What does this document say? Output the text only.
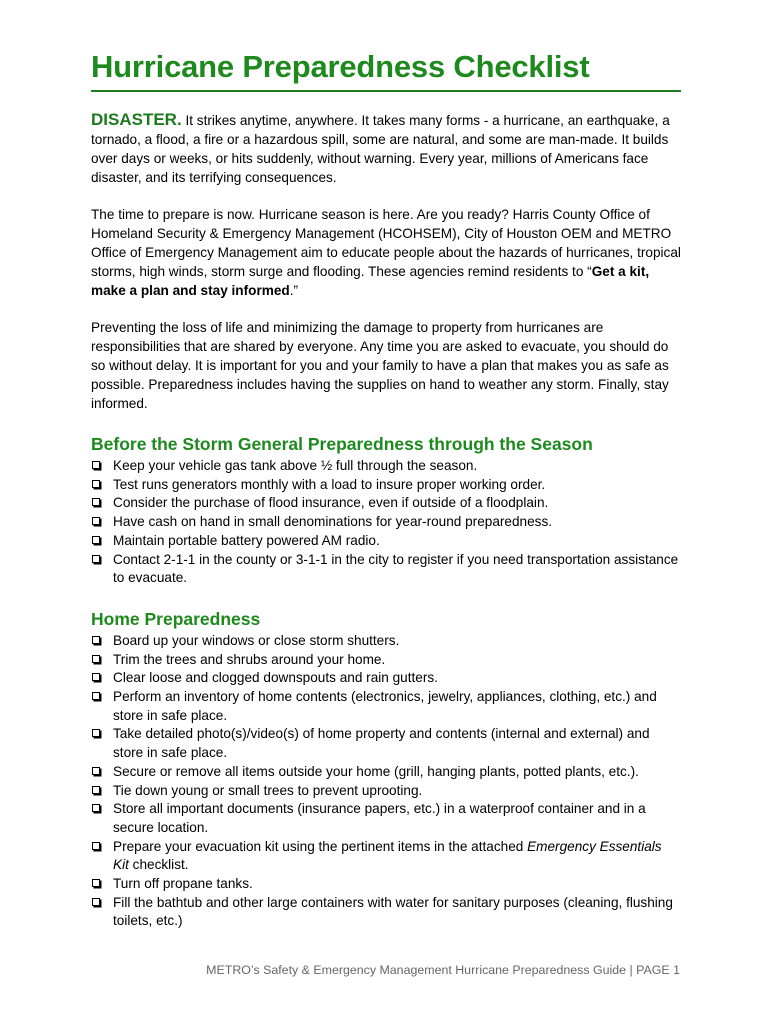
Hurricane Preparedness Checklist

DISASTER. It strikes anytime, anywhere. It takes many forms - a hurricane, an earthquake, a tornado, a flood, a fire or a hazardous spill, some are natural, and some are man-made. It builds over days or weeks, or hits suddenly, without warning. Every year, millions of Americans face disaster, and its terrifying consequences.

The time to prepare is now. Hurricane season is here. Are you ready? Harris County Office of Homeland Security & Emergency Management (HCOHSEM), City of Houston OEM and METRO Office of Emergency Management aim to educate people about the hazards of hurricanes, tropical storms, high winds, storm surge and flooding. These agencies remind residents to “Get a kit, make a plan and stay informed.”

Preventing the loss of life and minimizing the damage to property from hurricanes are responsibilities that are shared by everyone. Any time you are asked to evacuate, you should do so without delay. It is important for you and your family to have a plan that makes you as safe as possible. Preparedness includes having the supplies on hand to weather any storm. Finally, stay informed.

Before the Storm General Preparedness through the Season
Keep your vehicle gas tank above ½ full through the season.
Test runs generators monthly with a load to insure proper working order.
Consider the purchase of flood insurance, even if outside of a floodplain.
Have cash on hand in small denominations for year-round preparedness.
Maintain portable battery powered AM radio.
Contact 2-1-1 in the county or 3-1-1 in the city to register if you need transportation assistance to evacuate.
Home Preparedness
Board up your windows or close storm shutters.
Trim the trees and shrubs around your home.
Clear loose and clogged downspouts and rain gutters.
Perform an inventory of home contents (electronics, jewelry, appliances, clothing, etc.) and store in safe place.
Take detailed photo(s)/video(s) of home property and contents (internal and external) and store in safe place.
Secure or remove all items outside your home (grill, hanging plants, potted plants, etc.).
Tie down young or small trees to prevent uprooting.
Store all important documents (insurance papers, etc.) in a waterproof container and in a secure location.
Prepare your evacuation kit using the pertinent items in the attached Emergency Essentials Kit checklist.
Turn off propane tanks.
Fill the bathtub and other large containers with water for sanitary purposes (cleaning, flushing toilets, etc.)
METRO’s Safety & Emergency Management Hurricane Preparedness Guide | PAGE 1
